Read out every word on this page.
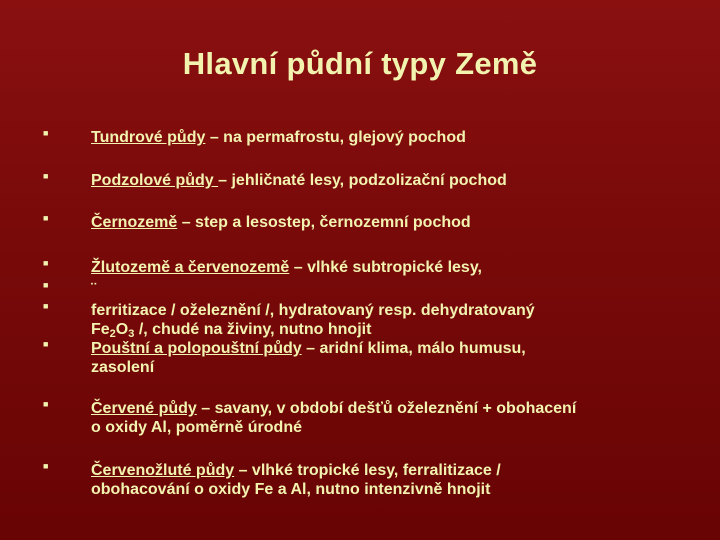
Hlavní půdní typy Země
■
Tundrové půdy – na permafrostu, glejový pochod
■
Podzolové půdy – jehličnaté lesy, podzolizační pochod
■
Černozemě – step a lesostep, černozemní pochod
■
Žlutozemě a červenozemě – vlhké subtropické lesy,
■
¨
■
ferritizace / oželeznění /, hydratovaný resp. dehydratovaný
$Fe_2O_3$ /, chudé na živiny, nutno hnojit
■
Pouštní a polopouštní půdy – aridní klima, málo humusu,
zasolení
■
Červené půdy – savany, v období dešťů oželeznění + obohacení
o oxidy Al, poměrně úrodné
■
Červenožluté půdy – vlhké tropické lesy, ferralitizace /
obohacování o oxidy Fe a Al, nutno intenzivně hnojit
